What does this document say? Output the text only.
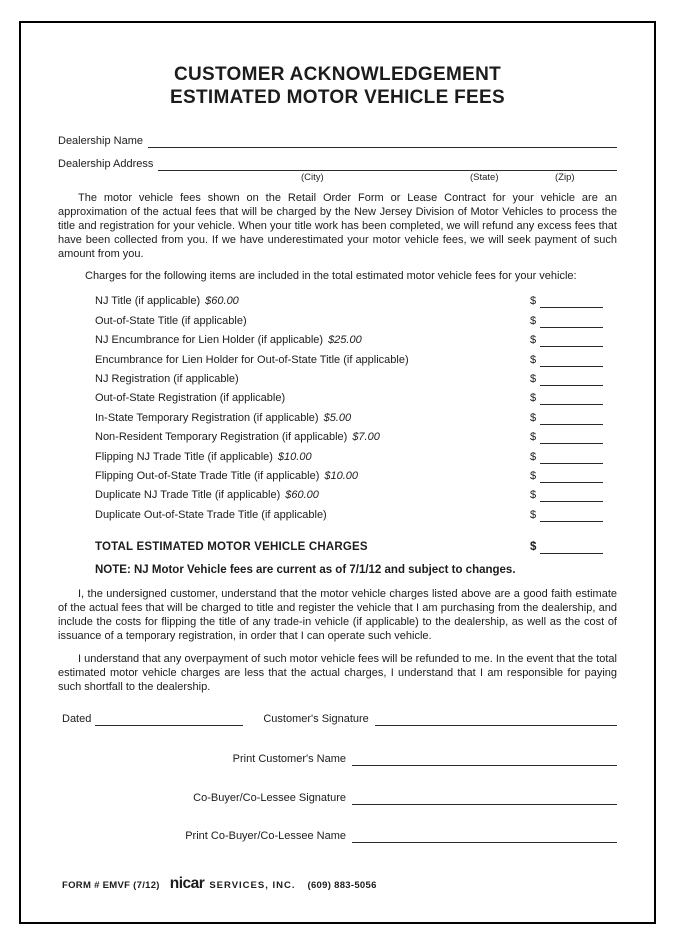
CUSTOMER ACKNOWLEDGEMENT
ESTIMATED MOTOR VEHICLE FEES
Dealership Name
Dealership Address
(City)	(State)	(Zip)

The motor vehicle fees shown on the Retail Order Form or Lease Contract for your vehicle are an approximation of the actual fees that will be charged by the New Jersey Division of Motor Vehicles to process the title and registration for your vehicle. When your title work has been completed, we will refund any excess fees that have been collected from you. If we have underestimated your motor vehicle fees, we will seek payment of such amount from you.

Charges for the following items are included in the total estimated motor vehicle fees for your vehicle:

NJ Title (if applicable) $60.00	$
Out-of-State Title (if applicable)	$
NJ Encumbrance for Lien Holder (if applicable) $25.00	$
Encumbrance for Lien Holder for Out-of-State Title (if applicable)	$
NJ Registration (if applicable)	$
Out-of-State Registration (if applicable)	$
In-State Temporary Registration (if applicable) $5.00	$
Non-Resident Temporary Registration (if applicable) $7.00	$
Flipping NJ Trade Title (if applicable) $10.00	$
Flipping Out-of-State Trade Title (if applicable) $10.00	$
Duplicate NJ Trade Title (if applicable) $60.00	$
Duplicate Out-of-State Trade Title (if applicable)	$
TOTAL ESTIMATED MOTOR VEHICLE CHARGES	$

NOTE: NJ Motor Vehicle fees are current as of 7/1/12 and subject to changes.

I, the undersigned customer, understand that the motor vehicle charges listed above are a good faith estimate of the actual fees that will be charged to title and register the vehicle that I am purchasing from the dealership, and include the costs for flipping the title of any trade-in vehicle (if applicable) to the dealership, as well as the cost of issuance of a temporary registration, in order that I can operate such vehicle.

I understand that any overpayment of such motor vehicle fees will be refunded to me. In the event that the total estimated motor vehicle charges are less that the actual charges, I understand that I am responsible for paying such shortfall to the dealership.

Dated	Customer's Signature
Print Customer's Name
Co-Buyer/Co-Lessee Signature
Print Co-Buyer/Co-Lessee Name
FORM # EMVF (7/12) nicar SERVICES, INC. (609) 883-5056
